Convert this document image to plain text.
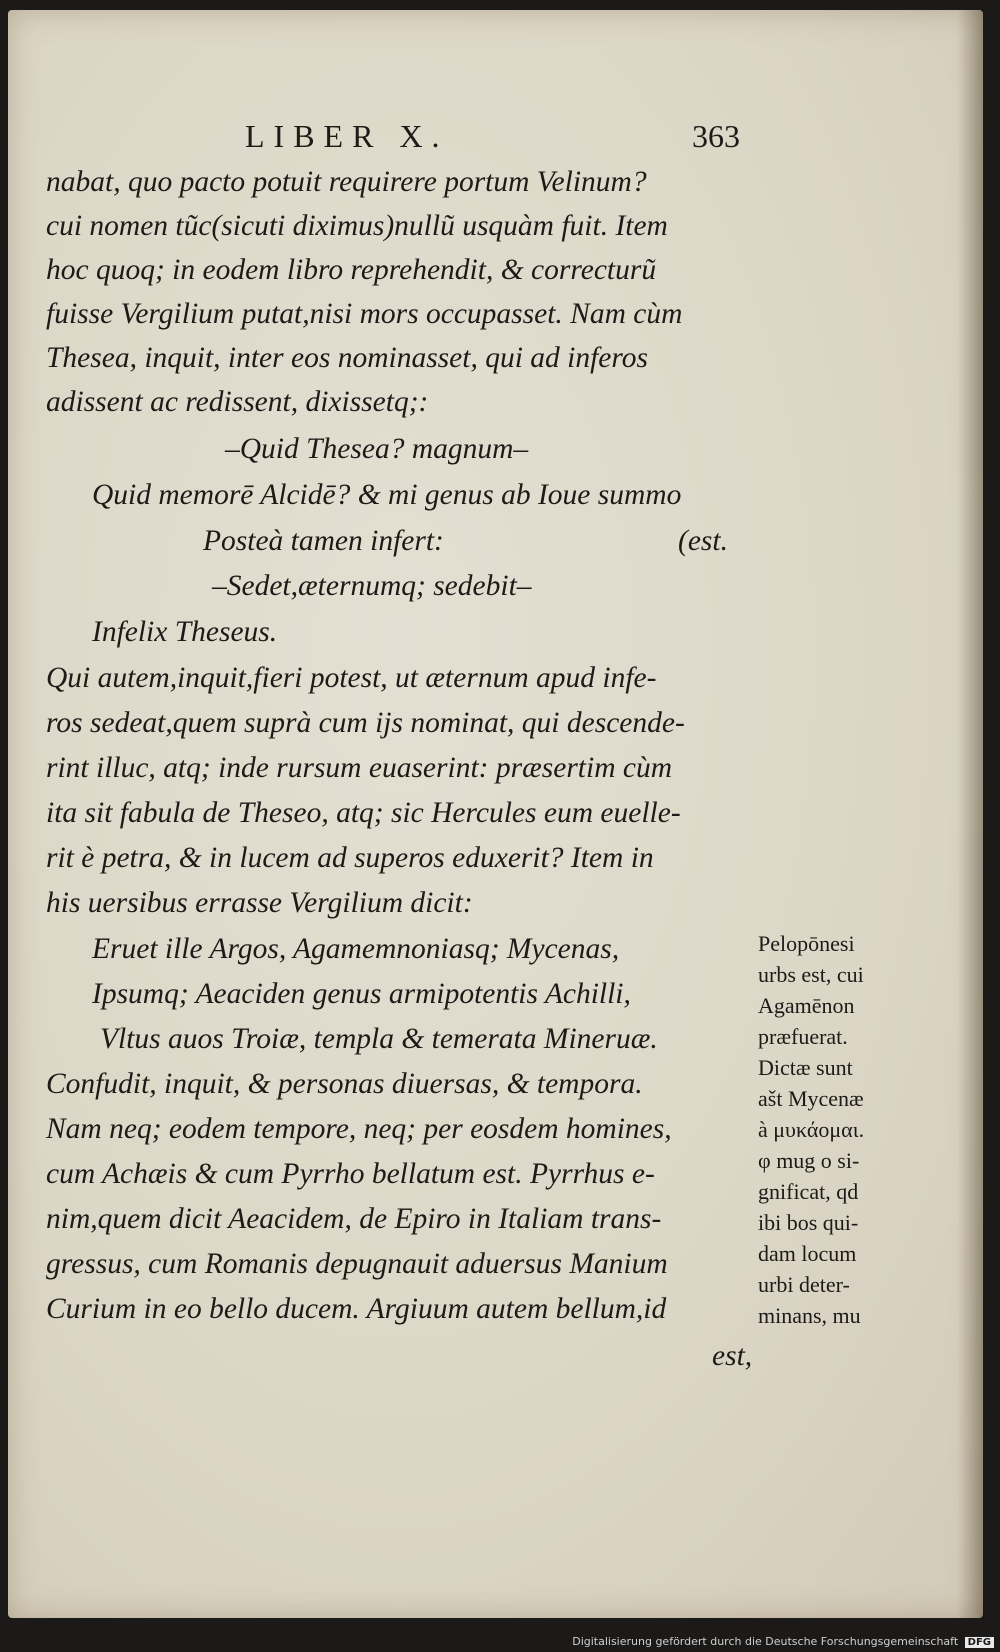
LIBER X.	363
nabat, quo pacto potuit requirere portum Velinum?
cui nomen tũc(sicuti diximus)nullũ usquàm fuit. Item
hoc quoq; in eodem libro reprehendit, & correcturũ
fuisse Vergilium putat,nisi mors occupasset. Nam cùm
Thesea, inquit, inter eos nominasset, qui ad inferos
adissent ac redissent, dixissetq;:
–Quid Thesea? magnum–
Quid memorē Alcidē? & mi genus ab Ioue summo
Posteà tamen infert:	(est.
–Sedet,æternumq; sedebit–
Infelix Theseus.
Qui autem,inquit,fieri potest, ut æternum apud infe-
ros sedeat,quem suprà cum ijs nominat, qui descende-
rint illuc, atq; inde rursum euaserint: præsertim cùm
ita sit fabula de Theseo, atq; sic Hercules eum euelle-
rit è petra, & in lucem ad superos eduxerit? Item in
his uersibus errasse Vergilium dicit:
Eruet ille Argos, Agamemnoniasq; Mycenas,
Ipsumq; Aeaciden genus armipotentis Achilli,
Vltus auos Troiæ, templa & temerata Mineruæ.
Confudit, inquit, & personas diuersas, & tempora.
Nam neq; eodem tempore, neq; per eosdem homines,
cum Achæis & cum Pyrrho bellatum est. Pyrrhus e-
nim,quem dicit Aeacidem, de Epiro in Italiam trans-
gressus, cum Romanis depugnauit aduersus Manium
Curium in eo bello ducem. Argiuum autem bellum,id
est,
Pelopōnesi
urbs est, cui
Agamēnon
præfuerat.
Dictæ sunt
ašt Mycenæ
à μυκάομαι.
φ mug o si-
gnificat, qd
ibi bos qui-
dam locum
urbi deter-
minans, mu
Digitalisierung gefördert durch die Deutsche Forschungsgemeinschaft DFG
